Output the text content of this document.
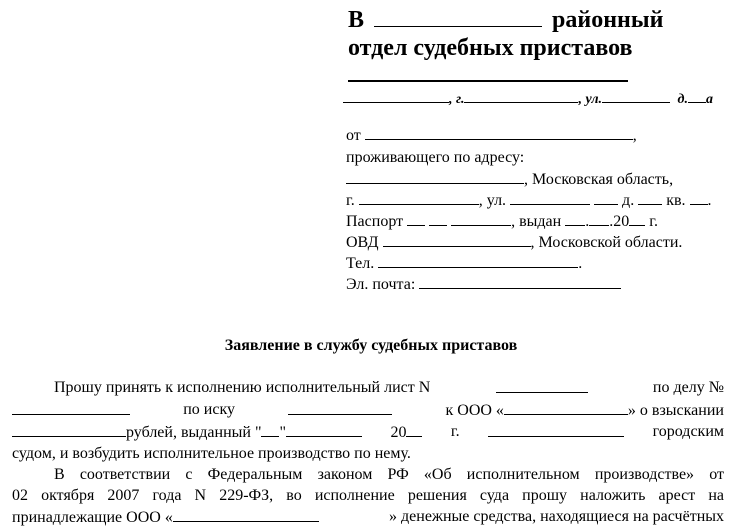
В	районный
отдел судебных приставов
, г.	, ул.	д. а
от	,
проживающего по адресу:
, Московская область,
г.	, ул.	д. кв. .
Паспорт	, выдан . .20 г.
ОВД	, Московской области.
Тел.	.
Эл. почта:
Заявление в службу судебных приставов
Прошу принять к исполнению исполнительный лист N	по делу №
по иску	к ООО «	» о взыскании
рублей, выданный " "	20	г.	городским
судом, и возбудить исполнительное производство по нему.
В соответствии с Федеральным законом РФ «Об исполнительном производстве» от
02 октября 2007 года N 229-ФЗ, во исполнение решения суда прошу наложить арест на
принадлежащие ООО «	» денежные средства, находящиеся на расчётных
